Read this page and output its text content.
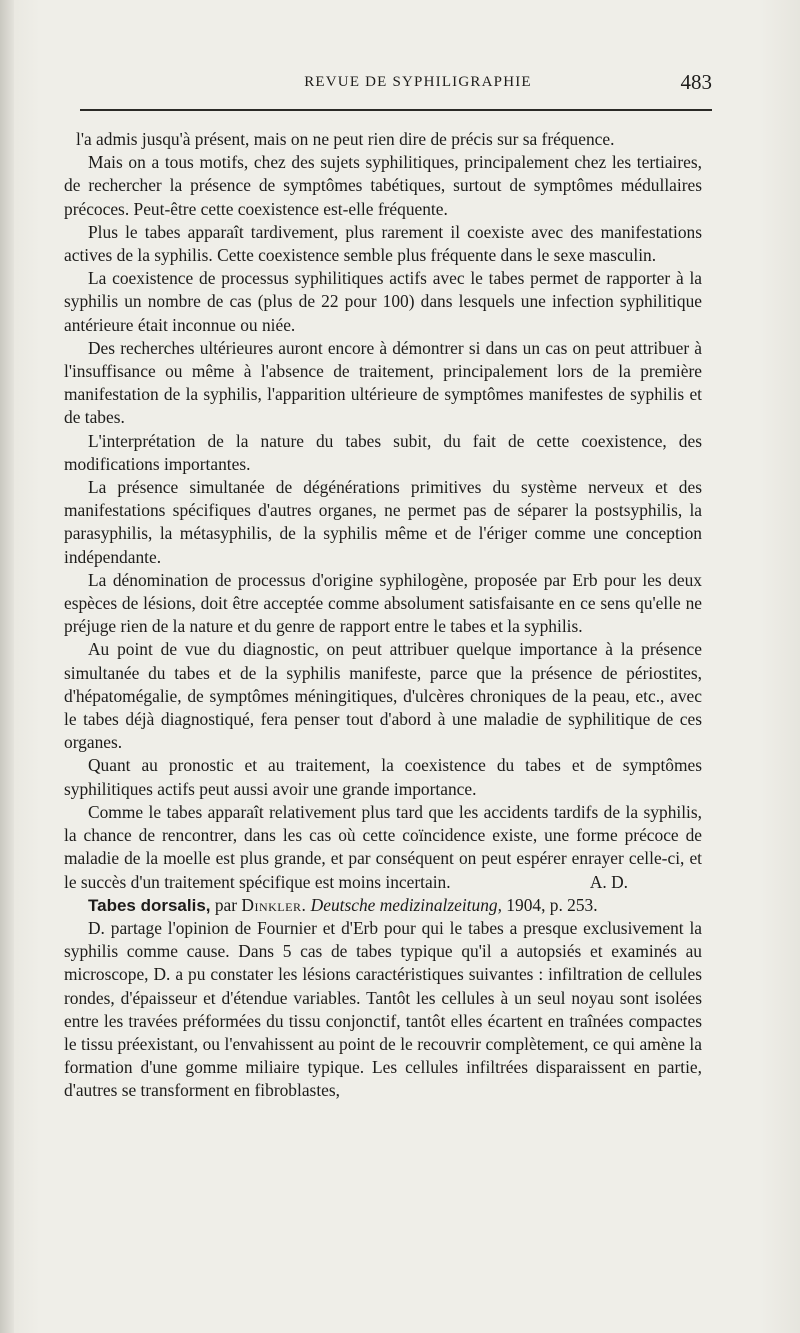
REVUE DE SYPHILIGRAPHIE	483

l'a admis jusqu'à présent, mais on ne peut rien dire de précis sur sa fréquence.

Mais on a tous motifs, chez des sujets syphilitiques, principalement chez les tertiaires, de rechercher la présence de symptômes tabétiques, surtout de symptômes médullaires précoces. Peut-être cette coexistence est-elle fréquente.

Plus le tabes apparaît tardivement, plus rarement il coexiste avec des manifestations actives de la syphilis. Cette coexistence semble plus fréquente dans le sexe masculin.

La coexistence de processus syphilitiques actifs avec le tabes permet de rapporter à la syphilis un nombre de cas (plus de 22 pour 100) dans lesquels une infection syphilitique antérieure était inconnue ou niée.

Des recherches ultérieures auront encore à démontrer si dans un cas on peut attribuer à l'insuffisance ou même à l'absence de traitement, principalement lors de la première manifestation de la syphilis, l'apparition ultérieure de symptômes manifestes de syphilis et de tabes.

L'interprétation de la nature du tabes subit, du fait de cette coexistence, des modifications importantes.

La présence simultanée de dégénérations primitives du système nerveux et des manifestations spécifiques d'autres organes, ne permet pas de séparer la postsyphilis, la parasyphilis, la métasyphilis, de la syphilis même et de l'ériger comme une conception indépendante.

La dénomination de processus d'origine syphilogène, proposée par Erb pour les deux espèces de lésions, doit être acceptée comme absolument satisfaisante en ce sens qu'elle ne préjuge rien de la nature et du genre de rapport entre le tabes et la syphilis.

Au point de vue du diagnostic, on peut attribuer quelque importance à la présence simultanée du tabes et de la syphilis manifeste, parce que la présence de périostites, d'hépatomégalie, de symptômes méningitiques, d'ulcères chroniques de la peau, etc., avec le tabes déjà diagnostiqué, fera penser tout d'abord à une maladie de syphilitique de ces organes.

Quant au pronostic et au traitement, la coexistence du tabes et de symptômes syphilitiques actifs peut aussi avoir une grande importance.

Comme le tabes apparaît relativement plus tard que les accidents tardifs de la syphilis, la chance de rencontrer, dans les cas où cette coïncidence existe, une forme précoce de maladie de la moelle est plus grande, et par conséquent on peut espérer enrayer celle-ci, et le succès d'un traitement spécifique est moins incertain.	A. D.

Tabes dorsalis, par Dinkler. Deutsche medizinalzeitung, 1904, p. 253.

D. partage l'opinion de Fournier et d'Erb pour qui le tabes a presque exclusivement la syphilis comme cause. Dans 5 cas de tabes typique qu'il a autopsiés et examinés au microscope, D. a pu constater les lésions caractéristiques suivantes : infiltration de cellules rondes, d'épaisseur et d'étendue variables. Tantôt les cellules à un seul noyau sont isolées entre les travées préformées du tissu conjonctif, tantôt elles écartent en traînées compactes le tissu préexistant, ou l'envahissent au point de le recouvrir complètement, ce qui amène la formation d'une gomme miliaire typique. Les cellules infiltrées disparaissent en partie, d'autres se transforment en fibroblastes,
